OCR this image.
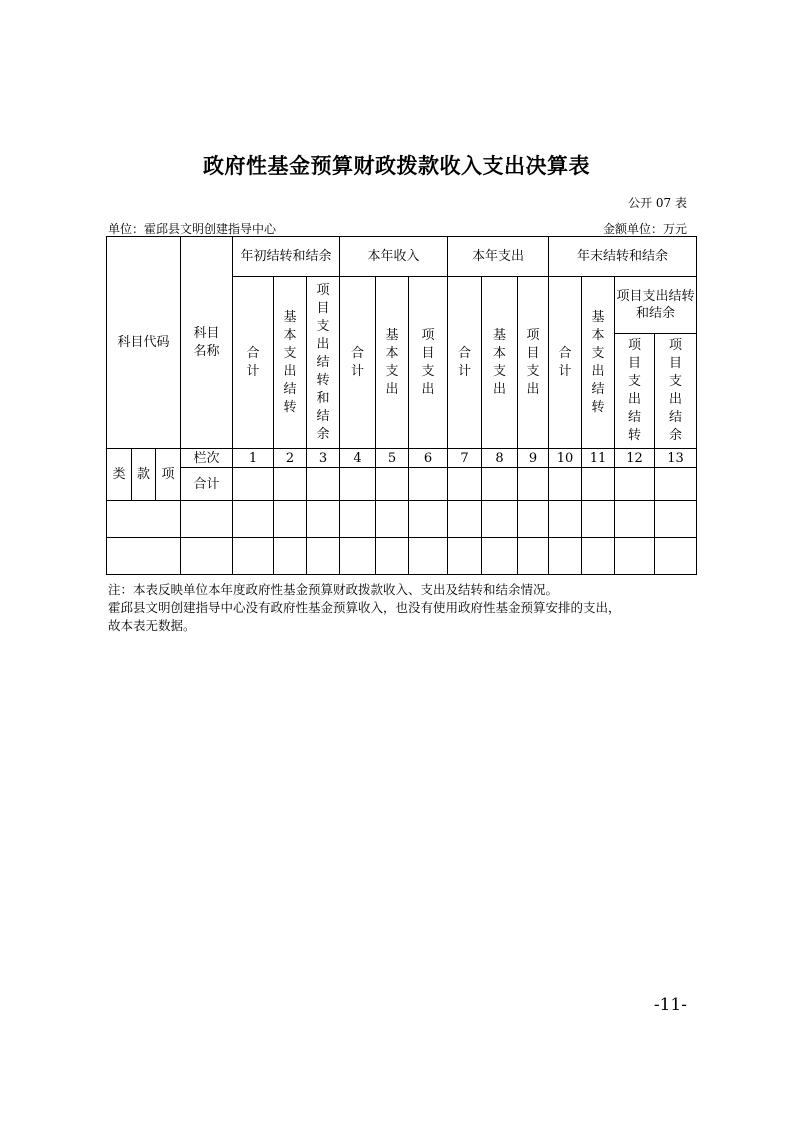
政府性基金预算财政拨款收入支出决算表
公开 07 表
单位：霍邱县文明创建指导中心	金额单位：万元
科目代码			科目名称	年初结转和结余			本年收入			本年支出			年末结转和结余			
				合计	基本支出结转	项目支出结转和结余	合计	基本支出	项目支出	合计	基本支出	项目支出	合计	基本支出结转	项目支出结转和结余	
															项目支出结转	项目支出结余

类	款	项	栏次	1	2	3	4	5	6	7	8	9	10	11	12	13
			合计													

注：本表反映单位本年度政府性基金预算财政拨款收入、支出及结转和结余情况。
霍邱县文明创建指导中心没有政府性基金预算收入，也没有使用政府性基金预算安排的支出，
故本表无数据。
-11-
